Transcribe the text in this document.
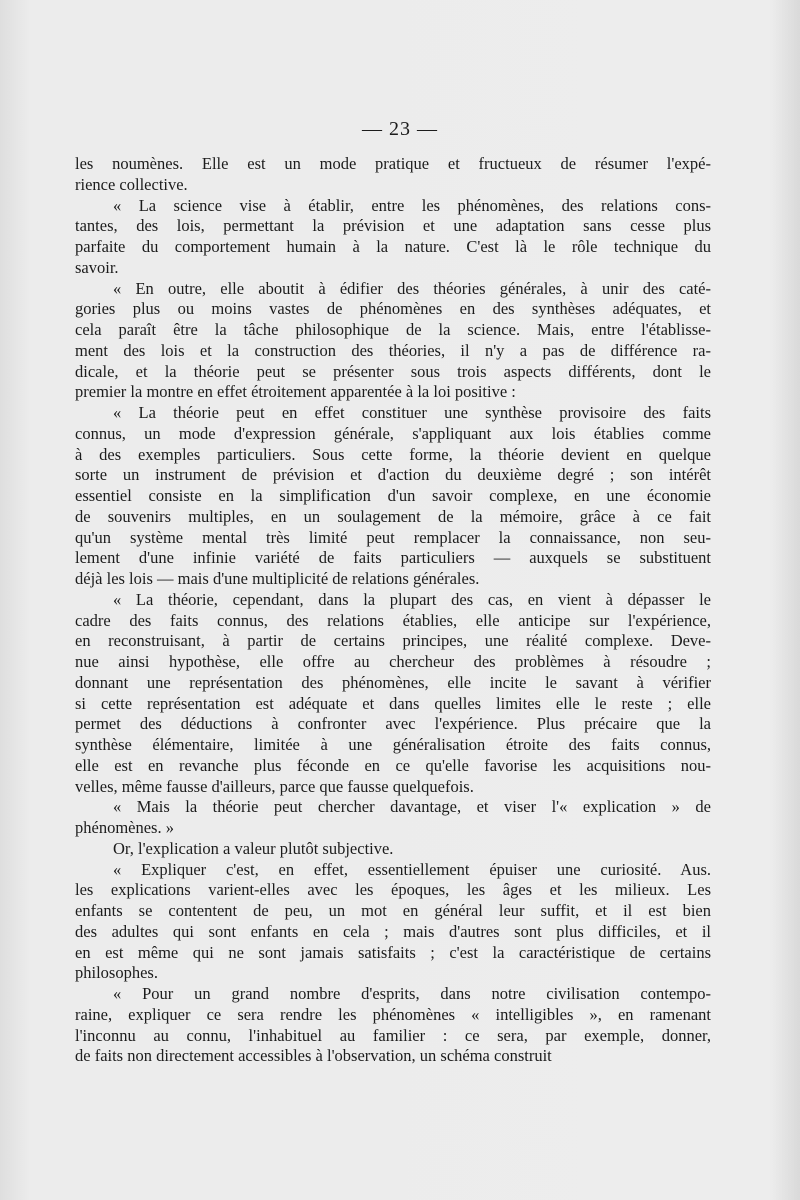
— 23 —
les noumènes. Elle est un mode pratique et fructueux de résumer l'expé-
rience collective.
« La science vise à établir, entre les phénomènes, des relations cons-
tantes, des lois, permettant la prévision et une adaptation sans cesse plus
parfaite du comportement humain à la nature. C'est là le rôle technique du
savoir.
« En outre, elle aboutit à édifier des théories générales, à unir des caté-
gories plus ou moins vastes de phénomènes en des synthèses adéquates, et
cela paraît être la tâche philosophique de la science. Mais, entre l'établisse-
ment des lois et la construction des théories, il n'y a pas de différence ra-
dicale, et la théorie peut se présenter sous trois aspects différents, dont le
premier la montre en effet étroitement apparentée à la loi positive :
« La théorie peut en effet constituer une synthèse provisoire des faits
connus, un mode d'expression générale, s'appliquant aux lois établies comme
à des exemples particuliers. Sous cette forme, la théorie devient en quelque
sorte un instrument de prévision et d'action du deuxième degré ; son intérêt
essentiel consiste en la simplification d'un savoir complexe, en une économie
de souvenirs multiples, en un soulagement de la mémoire, grâce à ce fait
qu'un système mental très limité peut remplacer la connaissance, non seu-
lement d'une infinie variété de faits particuliers — auxquels se substituent
déjà les lois — mais d'une multiplicité de relations générales.
« La théorie, cependant, dans la plupart des cas, en vient à dépasser le
cadre des faits connus, des relations établies, elle anticipe sur l'expérience,
en reconstruisant, à partir de certains principes, une réalité complexe. Deve-
nue ainsi hypothèse, elle offre au chercheur des problèmes à résoudre ;
donnant une représentation des phénomènes, elle incite le savant à vérifier
si cette représentation est adéquate et dans quelles limites elle le reste ; elle
permet des déductions à confronter avec l'expérience. Plus précaire que la
synthèse élémentaire, limitée à une généralisation étroite des faits connus,
elle est en revanche plus féconde en ce qu'elle favorise les acquisitions nou-
velles, même fausse d'ailleurs, parce que fausse quelquefois.
« Mais la théorie peut chercher davantage, et viser l'« explication » de
phénomènes. »
Or, l'explication a valeur plutôt subjective.
« Expliquer c'est, en effet, essentiellement épuiser une curiosité. Aus.
les explications varient-elles avec les époques, les âges et les milieux. Les
enfants se contentent de peu, un mot en général leur suffit, et il est bien
des adultes qui sont enfants en cela ; mais d'autres sont plus difficiles, et il
en est même qui ne sont jamais satisfaits ; c'est la caractéristique de certains
philosophes.
« Pour un grand nombre d'esprits, dans notre civilisation contempo-
raine, expliquer ce sera rendre les phénomènes « intelligibles », en ramenant
l'inconnu au connu, l'inhabituel au familier : ce sera, par exemple, donner,
de faits non directement accessibles à l'observation, un schéma construit
